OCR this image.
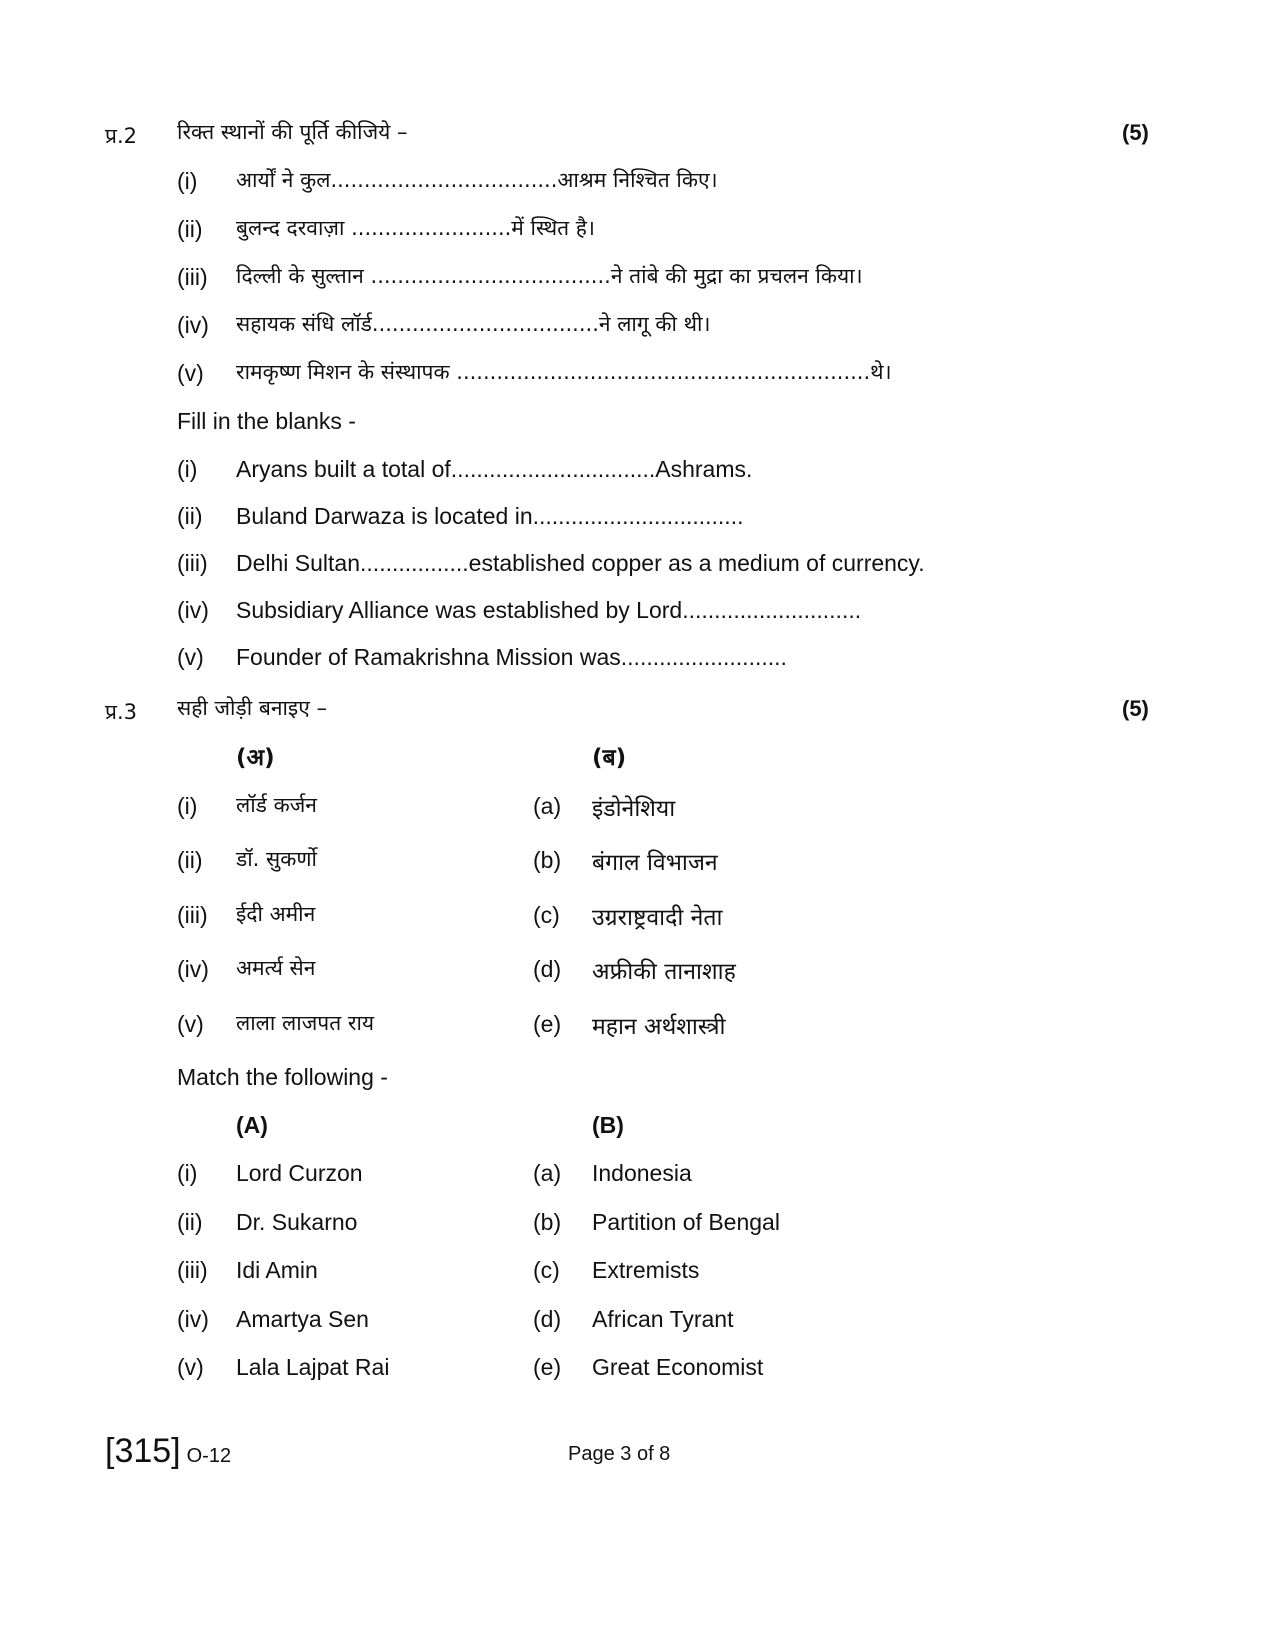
प्र.2 रिक्त स्थानों की पूर्ति कीजिये –	(5)
(i) आर्यों ने कुल..................................आश्रम निश्चित किए।
(ii) बुलन्द दरवाज़ा ........................में स्थित है।
(iii) दिल्ली के सुल्तान ....................................ने तांबे की मुद्रा का प्रचलन किया।
(iv) सहायक संधि लॉर्ड..................................ने लागू की थी।
(v) रामकृष्ण मिशन के संस्थापक ..............................................................थे।
Fill in the blanks -
(i) Aryans built a total of................................Ashrams.
(ii) Buland Darwaza is located in.................................
(iii) Delhi Sultan.................established copper as a medium of currency.
(iv) Subsidiary Alliance was established by Lord............................
(v) Founder of Ramakrishna Mission was..........................
प्र.3 सही जोड़ी बनाइए –	(5)
(अ)	(ब)
(i) लॉर्ड कर्जन	(a) इंडोनेशिया
(ii) डॉ. सुकर्णो	(b) बंगाल विभाजन
(iii) ईदी अमीन	(c) उग्रराष्ट्रवादी नेता
(iv) अमर्त्य सेन	(d) अफ्रीकी तानाशाह
(v) लाला लाजपत राय	(e) महान अर्थशास्त्री
Match the following -
(A)	(B)
(i) Lord Curzon	(a) Indonesia
(ii) Dr. Sukarno	(b) Partition of Bengal
(iii) Idi Amin	(c) Extremists
(iv) Amartya Sen	(d) African Tyrant
(v) Lala Lajpat Rai	(e) Great Economist
[315] O-12	Page 3 of 8
